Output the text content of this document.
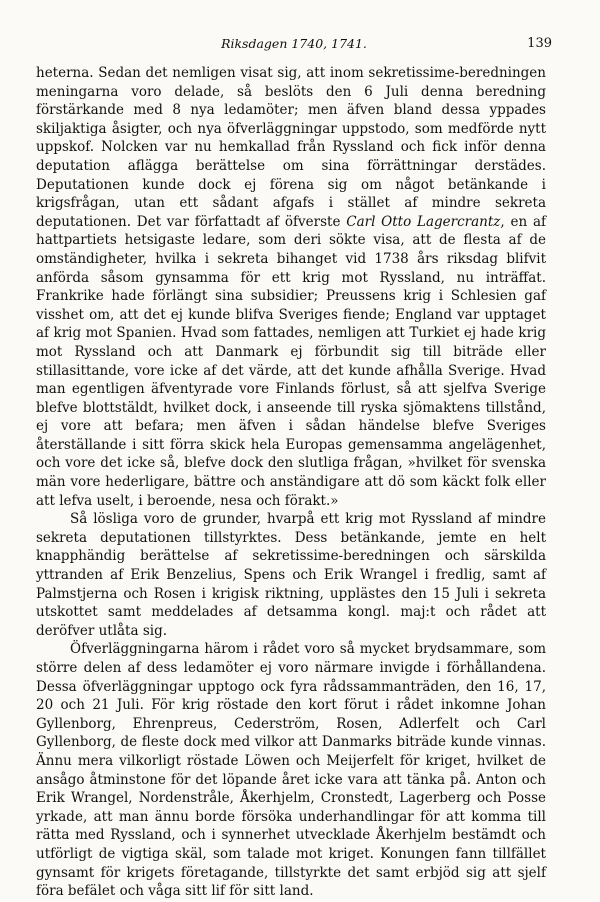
Riksdagen 1740, 1741.	139

heterna. Sedan det nemligen visat sig, att inom sekretissime-beredningen meningarna voro delade, så beslöts den 6 Juli denna beredning förstärkande med 8 nya ledamöter; men äfven bland dessa yppades skiljaktiga åsigter, och nya öfverläggningar uppstodo, som medförde nytt uppskof. Nolcken var nu hemkallad från Ryssland och fick inför denna deputation aflägga berättelse om sina förrättningar derstädes. Deputationen kunde dock ej förena sig om något betänkande i krigsfrågan, utan ett sådant afgafs i stället af mindre sekreta deputationen. Det var författadt af öfverste Carl Otto Lagercrantz, en af hattpartiets hetsigaste ledare, som deri sökte visa, att de flesta af de omständigheter, hvilka i sekreta bihanget vid 1738 års riksdag blifvit anförda såsom gynsamma för ett krig mot Ryssland, nu inträffat. Frankrike hade förlängt sina subsidier; Preussens krig i Schlesien gaf visshet om, att det ej kunde blifva Sveriges fiende; England var upptaget af krig mot Spanien. Hvad som fattades, nemligen att Turkiet ej hade krig mot Ryssland och att Danmark ej förbundit sig till biträde eller stillasittande, vore icke af det värde, att det kunde afhålla Sverige. Hvad man egentligen äfventyrade vore Finlands förlust, så att sjelfva Sverige blefve blottstäldt, hvilket dock, i anseende till ryska sjömaktens tillstånd, ej vore att befara; men äfven i sådan händelse blefve Sveriges återställande i sitt förra skick hela Europas gemensamma angelägenhet, och vore det icke så, blefve dock den slutliga frågan, »hvilket för svenska män vore hederligare, bättre och anständigare att dö som käckt folk eller att lefva uselt, i beroende, nesa och förakt.»

Så lösliga voro de grunder, hvarpå ett krig mot Ryssland af mindre sekreta deputationen tillstyrktes. Dess betänkande, jemte en helt knapphändig berättelse af sekretissime-beredningen och särskilda yttranden af Erik Benzelius, Spens och Erik Wrangel i fredlig, samt af Palmstjerna och Rosen i krigisk riktning, upplästes den 15 Juli i sekreta utskottet samt meddelades af detsamma kongl. maj:t och rådet att deröfver utlåta sig.

Öfverläggningarna härom i rådet voro så mycket brydsammare, som större delen af dess ledamöter ej voro närmare invigde i förhållandena. Dessa öfverläggningar upptogo ock fyra rådssammanträden, den 16, 17, 20 och 21 Juli. För krig röstade den kort förut i rådet inkomne Johan Gyllenborg, Ehrenpreus, Cederström, Rosen, Adlerfelt och Carl Gyllenborg, de fleste dock med vilkor att Danmarks biträde kunde vinnas. Ännu mera vilkorligt röstade Löwen och Meijerfelt för kriget, hvilket de ansågo åtminstone för det löpande året icke vara att tänka på. Anton och Erik Wrangel, Nordenstråle, Åkerhjelm, Cronstedt, Lagerberg och Posse yrkade, att man ännu borde försöka underhandlingar för att komma till rätta med Ryssland, och i synnerhet utvecklade Åkerhjelm bestämdt och utförligt de vigtiga skäl, som talade mot kriget. Konungen fann tillfället gynsamt för krigets företagande, tillstyrkte det samt erbjöd sig att sjelf föra befälet och våga sitt lif för sitt land.
